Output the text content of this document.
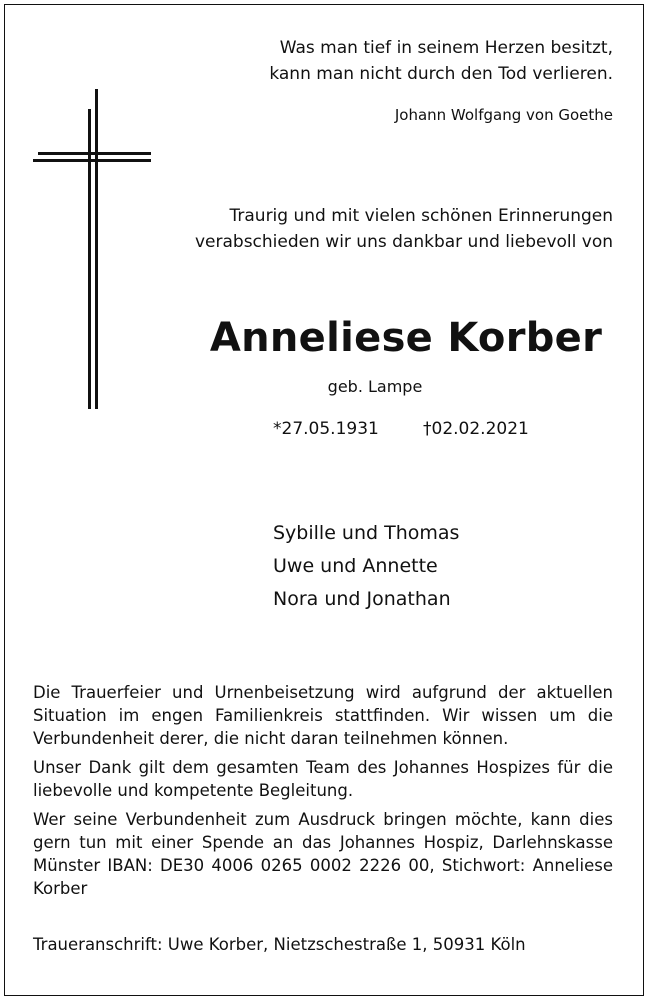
Was man tief in seinem Herzen besitzt,

kann man nicht durch den Tod verlieren.

Johann Wolfgang von Goethe

Traurig und mit vielen schönen Erinnerungen

verabschieden wir uns dankbar und liebevoll von

Anneliese Korber
geb. Lampe
*27.05.1931	†02.02.2021

Sybille und Thomas

Uwe und Annette

Nora und Jonathan

Die Trauerfeier und Urnenbeisetzung wird aufgrund der aktuellen Situation im engen Familienkreis stattfinden. Wir wissen um die Verbundenheit derer, die nicht daran teilnehmen können.

Unser Dank gilt dem gesamten Team des Johannes Hospizes für die liebevolle und kompetente Begleitung.

Wer seine Verbundenheit zum Ausdruck bringen möchte, kann dies gern tun mit einer Spende an das Johannes Hospiz, Darlehnskasse Münster IBAN: DE30 4006 0265 0002 2226 00, Stichwort: Anneliese Korber

Traueranschrift: Uwe Korber, Nietzschestraße 1, 50931 Köln
